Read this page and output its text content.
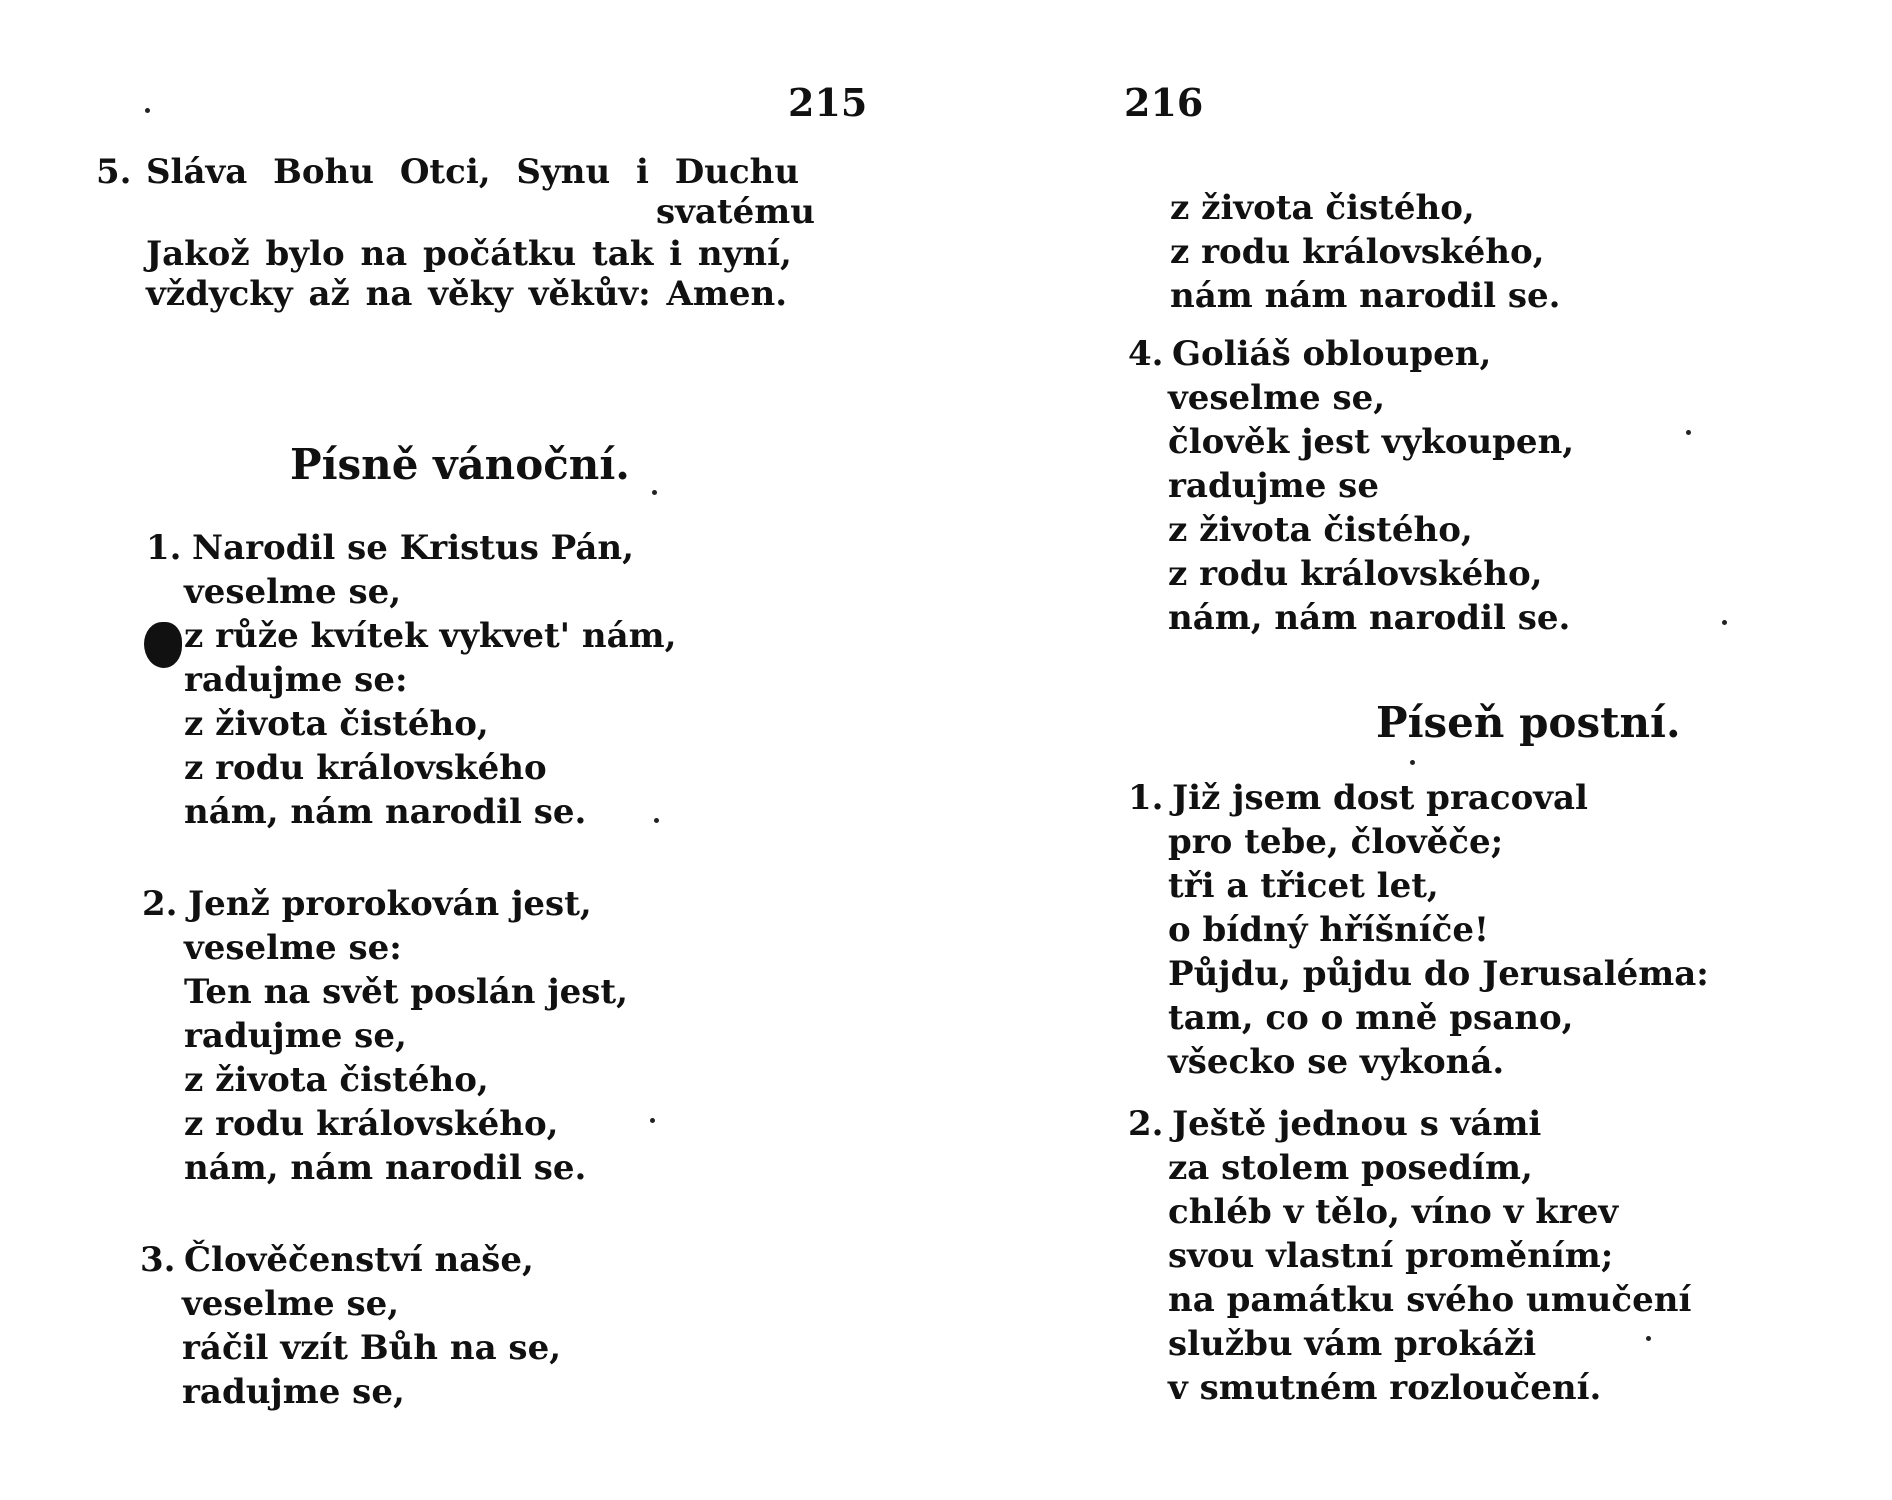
215
5. Sláva Bohu Otci, Synu i Duchu
svatému
Jakož bylo na počátku tak i nyní,
vždycky až na věky věkův: Amen.
Písně vánoční.
1. Narodil se Kristus Pán,
veselme se,
z růže kvítek vykvet' nám,
radujme se:
z života čistého,
z rodu královského
nám, nám narodil se.
2. Jenž prorokován jest,
veselme se:
Ten na svět poslán jest,
radujme se,
z života čistého,
z rodu královského,
nám, nám narodil se.
3. Člověčenství naše,
veselme se,
ráčil vzít Bůh na se,
radujme se,
216
z života čistého,
z rodu královského,
nám nám narodil se.
4. Goliáš obloupen,
veselme se,
člověk jest vykoupen,
radujme se
z života čistého,
z rodu královského,
nám, nám narodil se.
Píseň postní.
1. Již jsem dost pracoval
pro tebe, člověče;
tři a třicet let,
o bídný hříšníče!
Půjdu, půjdu do Jerusaléma:
tam, co o mně psano,
všecko se vykoná.
2. Ještě jednou s vámi
za stolem posedím,
chléb v tělo, víno v krev
svou vlastní proměním;
na památku svého umučení
službu vám prokáži
v smutném rozloučení.
